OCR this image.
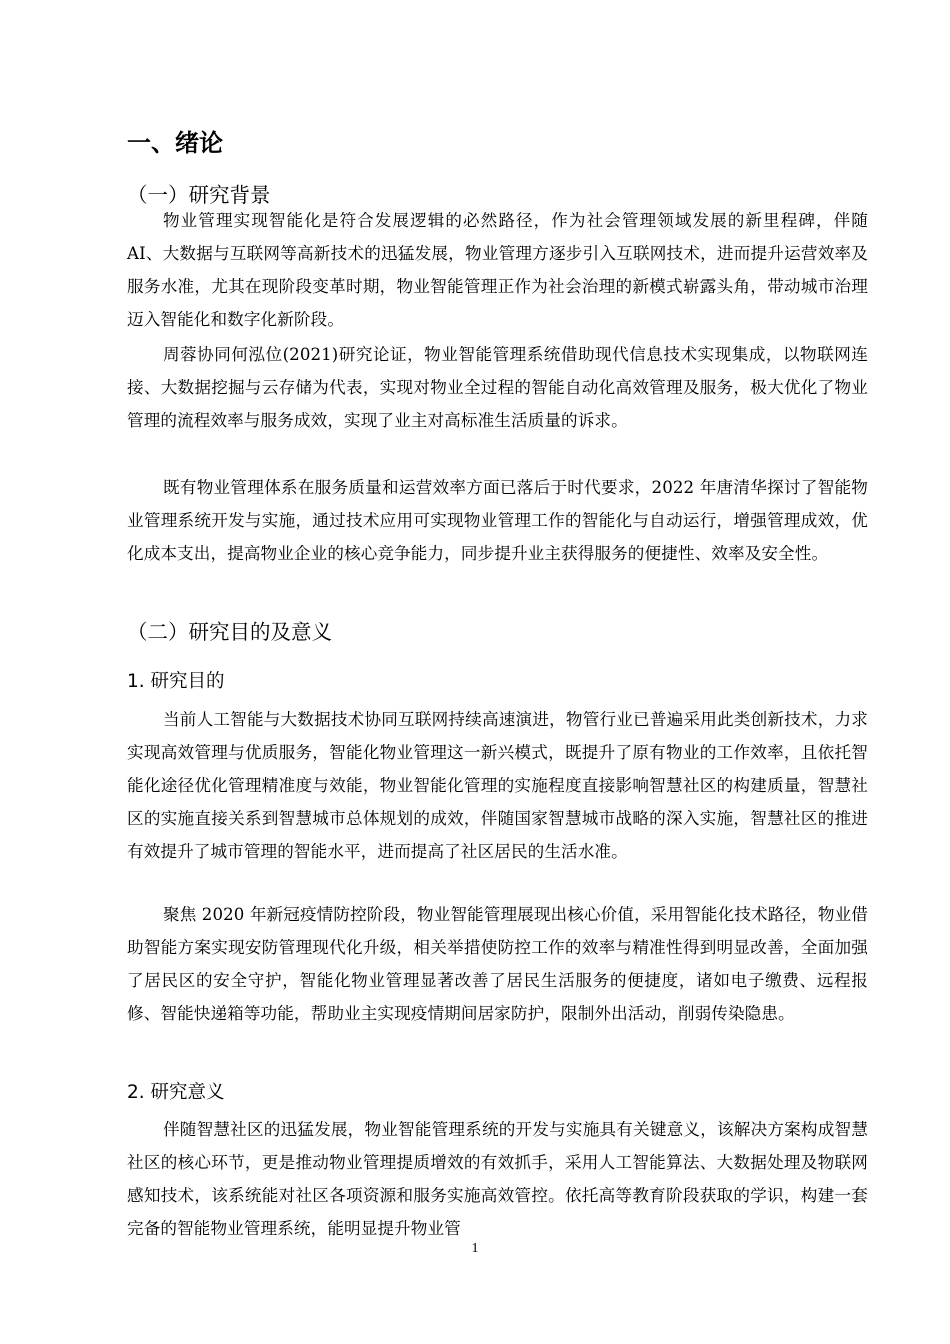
一、绪论
（一）研究背景

物业管理实现智能化是符合发展逻辑的必然路径，作为社会管理领域发展的新里程碑，伴随 AI、大数据与互联网等高新技术的迅猛发展，物业管理方逐步引入互联网技术，进而提升运营效率及服务水准，尤其在现阶段变革时期，物业智能管理正作为社会治理的新模式崭露头角，带动城市治理迈入智能化和数字化新阶段。

周蓉协同何泓位(2021)研究论证，物业智能管理系统借助现代信息技术实现集成，以物联网连接、大数据挖掘与云存储为代表，实现对物业全过程的智能自动化高效管理及服务，极大优化了物业管理的流程效率与服务成效，实现了业主对高标准生活质量的诉求。

既有物业管理体系在服务质量和运营效率方面已落后于时代要求，2022 年唐清华探讨了智能物业管理系统开发与实施，通过技术应用可实现物业管理工作的智能化与自动运行，增强管理成效，优化成本支出，提高物业企业的核心竞争能力，同步提升业主获得服务的便捷性、效率及安全性。

（二）研究目的及意义
1. 研究目的

当前人工智能与大数据技术协同互联网持续高速演进，物管行业已普遍采用此类创新技术，力求实现高效管理与优质服务，智能化物业管理这一新兴模式，既提升了原有物业的工作效率，且依托智能化途径优化管理精准度与效能，物业智能化管理的实施程度直接影响智慧社区的构建质量，智慧社区的实施直接关系到智慧城市总体规划的成效，伴随国家智慧城市战略的深入实施，智慧社区的推进有效提升了城市管理的智能水平，进而提高了社区居民的生活水准。

聚焦 2020 年新冠疫情防控阶段，物业智能管理展现出核心价值，采用智能化技术路径，物业借助智能方案实现安防管理现代化升级，相关举措使防控工作的效率与精准性得到明显改善，全面加强了居民区的安全守护，智能化物业管理显著改善了居民生活服务的便捷度，诸如电子缴费、远程报修、智能快递箱等功能，帮助业主实现疫情期间居家防护，限制外出活动，削弱传染隐患。

2. 研究意义

伴随智慧社区的迅猛发展，物业智能管理系统的开发与实施具有关键意义，该解决方案构成智慧社区的核心环节，更是推动物业管理提质增效的有效抓手，采用人工智能算法、大数据处理及物联网感知技术，该系统能对社区各项资源和服务实施高效管控。依托高等教育阶段获取的学识，构建一套完备的智能物业管理系统，能明显提升物业管

1
